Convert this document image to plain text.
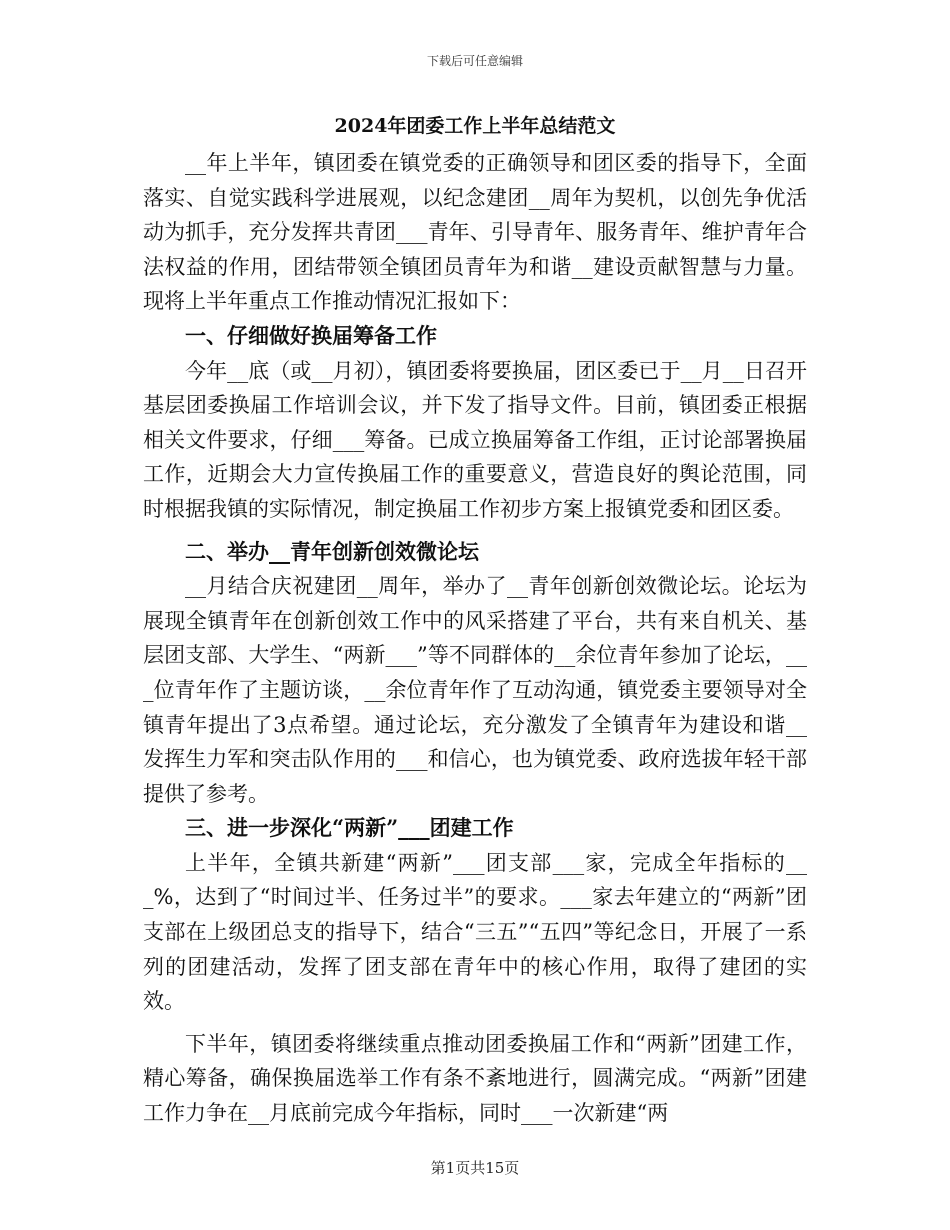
下载后可任意编辑
2024年团委工作上半年总结范文

__年上半年，镇团委在镇党委的正确领导和团区委的指导下，全面落实、自觉实践科学进展观，以纪念建团__周年为契机，以创先争优活动为抓手，充分发挥共青团___青年、引导青年、服务青年、维护青年合法权益的作用，团结带领全镇团员青年为和谐__建设贡献智慧与力量。现将上半年重点工作推动情况汇报如下：

一、仔细做好换届筹备工作

今年__底（或__月初），镇团委将要换届，团区委已于__月__日召开基层团委换届工作培训会议，并下发了指导文件。目前，镇团委正根据相关文件要求，仔细___筹备。已成立换届筹备工作组，正讨论部署换届工作，近期会大力宣传换届工作的重要意义，营造良好的舆论范围，同时根据我镇的实际情况，制定换届工作初步方案上报镇党委和团区委。

二、举办__青年创新创效微论坛

__月结合庆祝建团__周年，举办了__青年创新创效微论坛。论坛为展现全镇青年在创新创效工作中的风采搭建了平台，共有来自机关、基层团支部、大学生、“两新___”等不同群体的__余位青年参加了论坛，___位青年作了主题访谈，__余位青年作了互动沟通，镇党委主要领导对全镇青年提出了3点希望。通过论坛，充分激发了全镇青年为建设和谐__发挥生力军和突击队作用的___和信心，也为镇党委、政府选拔年轻干部提供了参考。

三、进一步深化“两新”___团建工作

上半年，全镇共新建“两新”___团支部___家，完成全年指标的___%，达到了“时间过半、任务过半”的要求。___家去年建立的“两新”团支部在上级团总支的指导下，结合“三五”“五四”等纪念日，开展了一系列的团建活动，发挥了团支部在青年中的核心作用，取得了建团的实效。

下半年，镇团委将继续重点推动团委换届工作和“两新”团建工作，精心筹备，确保换届选举工作有条不紊地进行，圆满完成。“两新”团建工作力争在__月底前完成今年指标，同时___一次新建“两

第1页共15页
